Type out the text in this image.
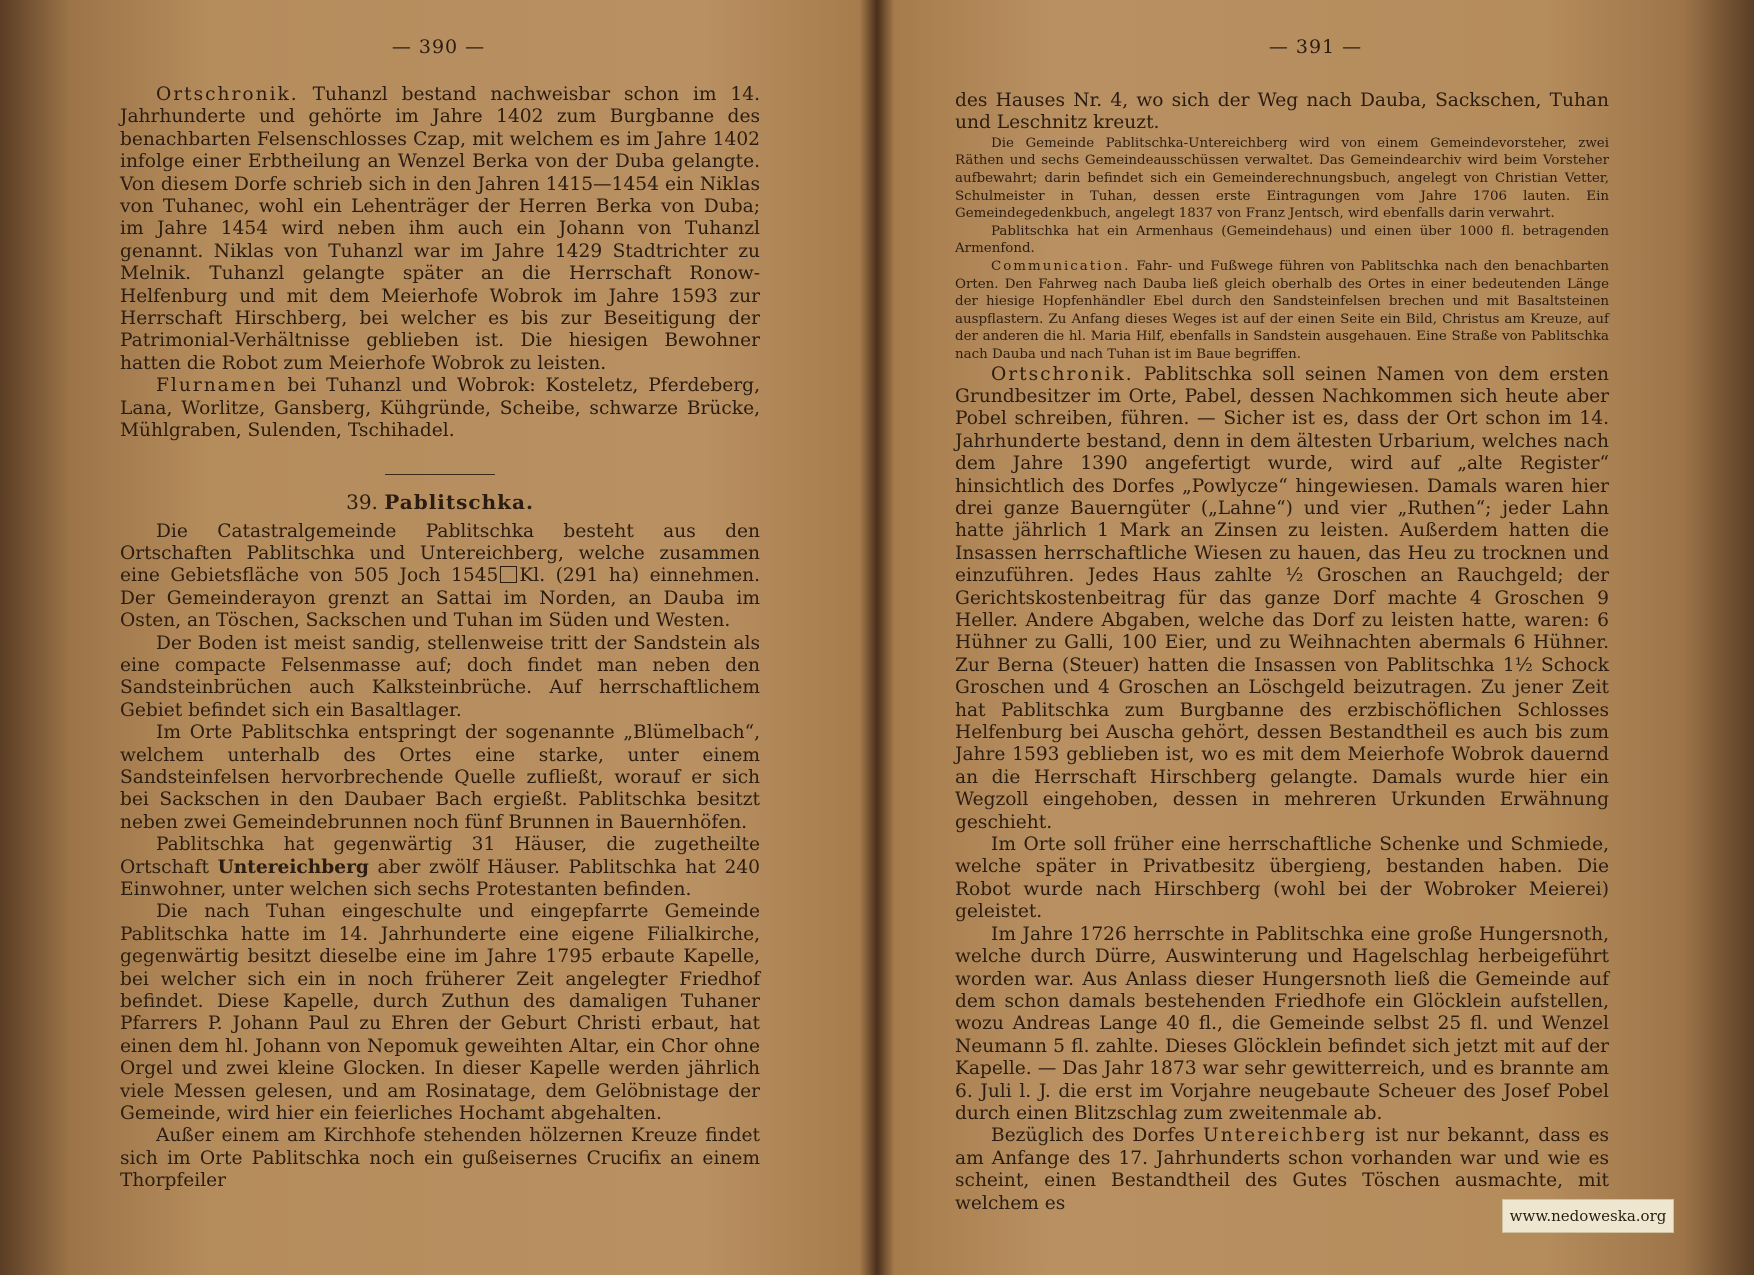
— 390 —

Ortschronik. Tuhanzl bestand nachweisbar schon im 14. Jahrhunderte und gehörte im Jahre 1402 zum Burgbanne des benachbarten Felsenschlosses Czap, mit welchem es im Jahre 1402 infolge einer Erbtheilung an Wenzel Berka von der Duba gelangte. Von diesem Dorfe schrieb sich in den Jahren 1415—1454 ein Niklas von Tuhanec, wohl ein Lehenträger der Herren Berka von Duba; im Jahre 1454 wird neben ihm auch ein Johann von Tuhanzl genannt. Niklas von Tuhanzl war im Jahre 1429 Stadtrichter zu Melnik. Tuhanzl gelangte später an die Herrschaft Ronow-Helfenburg und mit dem Meierhofe Wobrok im Jahre 1593 zur Herrschaft Hirschberg, bei welcher es bis zur Beseitigung der Patrimonial-Verhältnisse geblieben ist. Die hiesigen Bewohner hatten die Robot zum Meierhofe Wobrok zu leisten.

Flurnamen bei Tuhanzl und Wobrok: Kosteletz, Pferdeberg, Lana, Worlitze, Gansberg, Kühgründe, Scheibe, schwarze Brücke, Mühlgraben, Sulenden, Tschihadel.

39. Pablitschka.

Die Catastralgemeinde Pablitschka besteht aus den Ortschaften Pablitschka und Untereichberg, welche zusammen eine Gebietsfläche von 505 Joch 1545 Kl. (291 ha) einnehmen. Der Gemeinderayon grenzt an Sattai im Norden, an Dauba im Osten, an Töschen, Sackschen und Tuhan im Süden und Westen.

Der Boden ist meist sandig, stellenweise tritt der Sandstein als eine compacte Felsenmasse auf; doch findet man neben den Sandsteinbrüchen auch Kalksteinbrüche. Auf herrschaftlichem Gebiet befindet sich ein Basaltlager.

Im Orte Pablitschka entspringt der sogenannte „Blümelbach“, welchem unterhalb des Ortes eine starke, unter einem Sandsteinfelsen hervorbrechende Quelle zufließt, worauf er sich bei Sackschen in den Daubaer Bach ergießt. Pablitschka besitzt neben zwei Gemeindebrunnen noch fünf Brunnen in Bauernhöfen.

Pablitschka hat gegenwärtig 31 Häuser, die zugetheilte Ortschaft Untereichberg aber zwölf Häuser. Pablitschka hat 240 Einwohner, unter welchen sich sechs Protestanten befinden.

Die nach Tuhan eingeschulte und eingepfarrte Gemeinde Pablitschka hatte im 14. Jahrhunderte eine eigene Filialkirche, gegenwärtig besitzt dieselbe eine im Jahre 1795 erbaute Kapelle, bei welcher sich ein in noch früherer Zeit angelegter Friedhof befindet. Diese Kapelle, durch Zuthun des damaligen Tuhaner Pfarrers P. Johann Paul zu Ehren der Geburt Christi erbaut, hat einen dem hl. Johann von Nepomuk geweihten Altar, ein Chor ohne Orgel und zwei kleine Glocken. In dieser Kapelle werden jährlich viele Messen gelesen, und am Rosinatage, dem Gelöbnistage der Gemeinde, wird hier ein feierliches Hochamt abgehalten.

Außer einem am Kirchhofe stehenden hölzernen Kreuze findet sich im Orte Pablitschka noch ein gußeisernes Crucifix an einem Thorpfeiler

— 391 —

des Hauses Nr. 4, wo sich der Weg nach Dauba, Sackschen, Tuhan und Leschnitz kreuzt.

Die Gemeinde Pablitschka-Untereichberg wird von einem Gemeindevorsteher, zwei Räthen und sechs Gemeindeausschüssen verwaltet. Das Gemeindearchiv wird beim Vorsteher aufbewahrt; darin befindet sich ein Gemeinderechnungsbuch, angelegt von Christian Vetter, Schulmeister in Tuhan, dessen erste Eintragungen vom Jahre 1706 lauten. Ein Gemeindegedenkbuch, angelegt 1837 von Franz Jentsch, wird ebenfalls darin verwahrt.

Pablitschka hat ein Armenhaus (Gemeindehaus) und einen über 1000 fl. betragenden Armenfond.

Communication. Fahr- und Fußwege führen von Pablitschka nach den benachbarten Orten. Den Fahrweg nach Dauba ließ gleich oberhalb des Ortes in einer bedeutenden Länge der hiesige Hopfenhändler Ebel durch den Sandsteinfelsen brechen und mit Basaltsteinen auspflastern. Zu Anfang dieses Weges ist auf der einen Seite ein Bild, Christus am Kreuze, auf der anderen die hl. Maria Hilf, ebenfalls in Sandstein ausgehauen. Eine Straße von Pablitschka nach Dauba und nach Tuhan ist im Baue begriffen.

Ortschronik. Pablitschka soll seinen Namen von dem ersten Grundbesitzer im Orte, Pabel, dessen Nachkommen sich heute aber Pobel schreiben, führen. — Sicher ist es, dass der Ort schon im 14. Jahrhunderte bestand, denn in dem ältesten Urbarium, welches nach dem Jahre 1390 angefertigt wurde, wird auf „alte Register“ hinsichtlich des Dorfes „Powlycze“ hingewiesen. Damals waren hier drei ganze Bauerngüter („Lahne“) und vier „Ruthen“; jeder Lahn hatte jährlich 1 Mark an Zinsen zu leisten. Außerdem hatten die Insassen herrschaftliche Wiesen zu hauen, das Heu zu trocknen und einzuführen. Jedes Haus zahlte ½ Groschen an Rauchgeld; der Gerichtskostenbeitrag für das ganze Dorf machte 4 Groschen 9 Heller. Andere Abgaben, welche das Dorf zu leisten hatte, waren: 6 Hühner zu Galli, 100 Eier, und zu Weihnachten abermals 6 Hühner. Zur Berna (Steuer) hatten die Insassen von Pablitschka 1½ Schock Groschen und 4 Groschen an Löschgeld beizutragen. Zu jener Zeit hat Pablitschka zum Burgbanne des erzbischöflichen Schlosses Helfenburg bei Auscha gehört, dessen Bestandtheil es auch bis zum Jahre 1593 geblieben ist, wo es mit dem Meierhofe Wobrok dauernd an die Herrschaft Hirschberg gelangte. Damals wurde hier ein Wegzoll eingehoben, dessen in mehreren Urkunden Erwähnung geschieht.

Im Orte soll früher eine herrschaftliche Schenke und Schmiede, welche später in Privatbesitz übergieng, bestanden haben. Die Robot wurde nach Hirschberg (wohl bei der Wobroker Meierei) geleistet.

Im Jahre 1726 herrschte in Pablitschka eine große Hungersnoth, welche durch Dürre, Auswinterung und Hagelschlag herbeigeführt worden war. Aus Anlass dieser Hungersnoth ließ die Gemeinde auf dem schon damals bestehenden Friedhofe ein Glöcklein aufstellen, wozu Andreas Lange 40 fl., die Gemeinde selbst 25 fl. und Wenzel Neumann 5 fl. zahlte. Dieses Glöcklein befindet sich jetzt mit auf der Kapelle. — Das Jahr 1873 war sehr gewitterreich, und es brannte am 6. Juli l. J. die erst im Vorjahre neugebaute Scheuer des Josef Pobel durch einen Blitzschlag zum zweitenmale ab.

Bezüglich des Dorfes Untereichberg ist nur bekannt, dass es am Anfange des 17. Jahrhunderts schon vorhanden war und wie es scheint, einen Bestandtheil des Gutes Töschen ausmachte, mit welchem es

www.nedoweska.org
